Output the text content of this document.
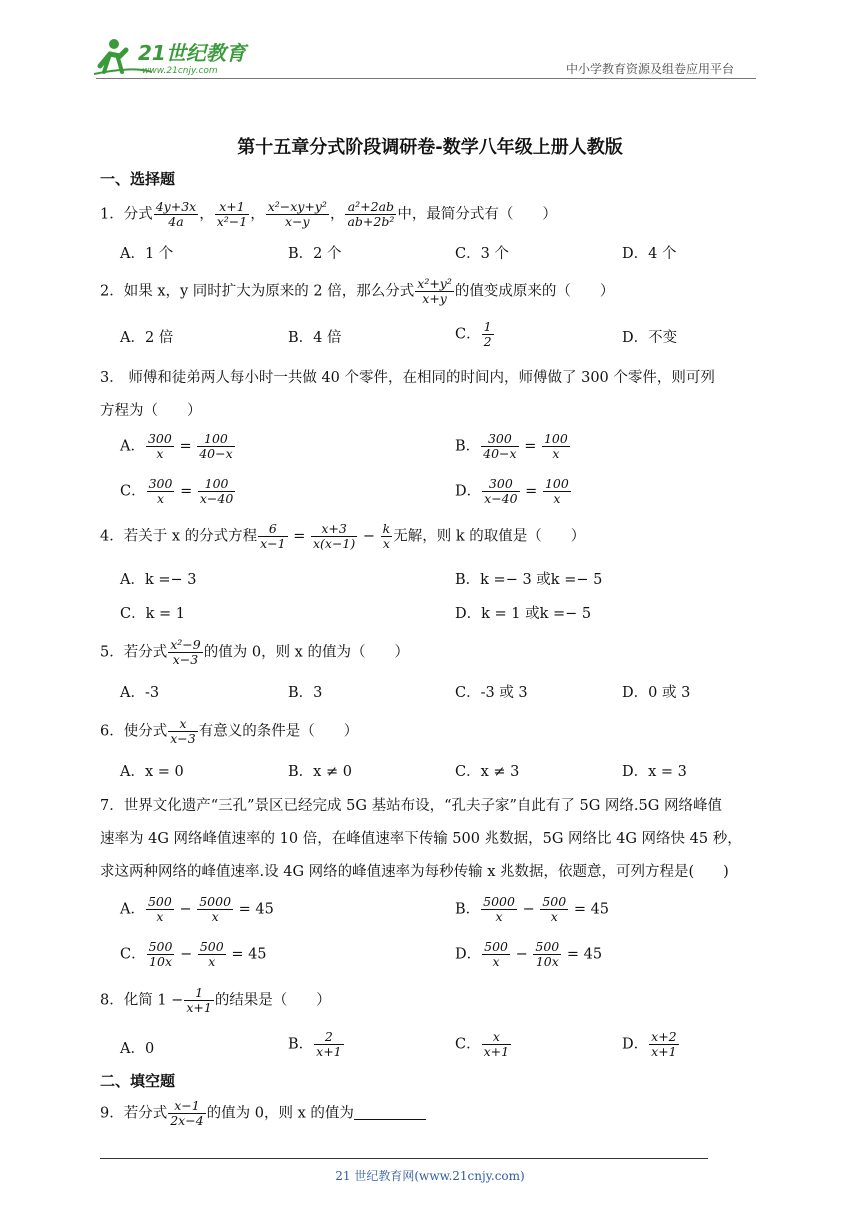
21世纪教育
www.21cnjy.com	中小学教育资源及组卷应用平台
第十五章分式阶段调研卷-数学八年级上册人教版
一、选择题
1．分式 $\frac{4y+3x}{4a}$ ， $\frac{x+1}{\text{x²−1}}$ ， $\frac{\text{x²−xy+y²}}{x-y}$ ， $\frac{\text{a²+2ab}}{\text{ab+2b²}}$ 中，最简分式有（　　）
A．1 个	B．2 个	C．3 个	D．4 个
2．如果 x，y 同时扩大为原来的 2 倍，那么分式 $\frac{\text{x²+y²}}{x+y}$ 的值变成原来的（　　）
A．2 倍	B．4 倍	C． $\frac{1}{2}$	D．不变
3． 师傅和徒弟两人每小时一共做 40 个零件，在相同的时间内，师傅做了 300 个零件，则可列
方程为（　　）
A． $\frac{300}{x} = \frac{100}{40-x}$	B． $\frac{300}{40-x} = \frac{100}{x}$
C． $\frac{300}{x} = \frac{100}{x-40}$	D． $\frac{300}{x-40} = \frac{100}{x}$
4．若关于 x 的分式方程 $\frac{6}{x-1} = \frac{x+3}{x(x-1)} - \frac{k}{x}$ 无解，则 k 的取值是（　　）
A．k =− 3	B．k =− 3 或k =− 5
C．k = 1	D．k = 1 或k =− 5
5．若分式 $\frac{\text{x²−9}}{x-3}$ 的值为 0，则 x 的值为（　　）
A．-3	B．3	C．-3 或 3	D．0 或 3
6．使分式 $\frac{x}{x-3}$ 有意义的条件是（　　）
A．x = 0	B．x ≠ 0	C．x ≠ 3	D．x = 3
7．世界文化遗产“三孔”景区已经完成 5G 基站布设，“孔夫子家”自此有了 5G 网络.5G 网络峰值
速率为 4G 网络峰值速率的 10 倍，在峰值速率下传输 500 兆数据，5G 网络比 4G 网络快 45 秒，
求这两种网络的峰值速率.设 4G 网络的峰值速率为每秒传输 x 兆数据，依题意，可列方程是(　　)
A． $\frac{500}{x} - \frac{5000}{x} = 45$	B． $\frac{5000}{x} - \frac{500}{x} = 45$
C． $\frac{500}{10x} - \frac{500}{x} = 45$	D． $\frac{500}{x} - \frac{500}{10x} = 45$
8．化简 $1 - \frac{1}{x+1}$ 的结果是（　　）
A．0	B． $\frac{2}{x+1}$	C． $\frac{x}{x+1}$	D． $\frac{x+2}{x+1}$
二、填空题
9．若分式 $\frac{x-1}{2x-4}$ 的值为 0，则 x 的值为
21 世纪教育网(www.21cnjy.com)
